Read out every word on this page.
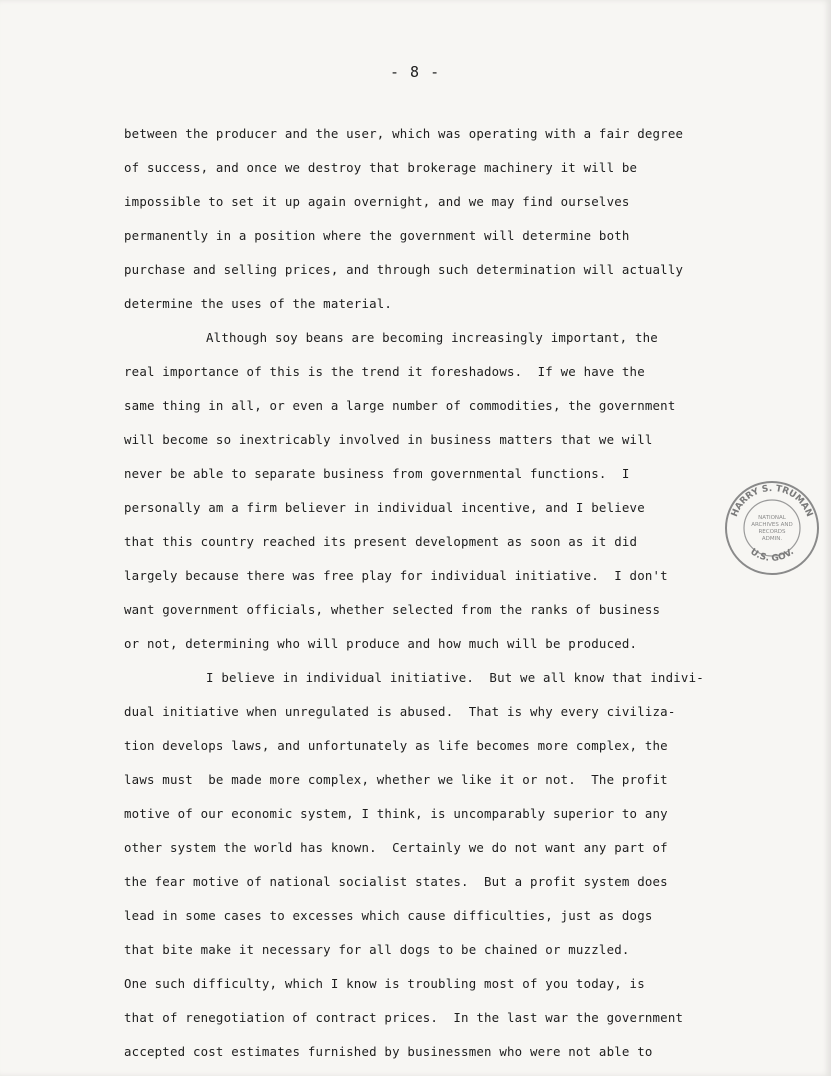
- 8 -
between the producer and the user, which was operating with a fair degree
of success, and once we destroy that brokerage machinery it will be
impossible to set it up again overnight, and we may find ourselves
permanently in a position where the government will determine both
purchase and selling prices, and through such determination will actually
determine the uses of the material.
Although soy beans are becoming increasingly important, the
real importance of this is the trend it foreshadows.  If we have the
same thing in all, or even a large number of commodities, the government
will become so inextricably involved in business matters that we will
never be able to separate business from governmental functions.  I
personally am a firm believer in individual incentive, and I believe
that this country reached its present development as soon as it did
largely because there was free play for individual initiative.  I don't
want government officials, whether selected from the ranks of business
or not, determining who will produce and how much will be produced.
I believe in individual initiative.  But we all know that indivi-
dual initiative when unregulated is abused.  That is why every civiliza-
tion develops laws, and unfortunately as life becomes more complex, the
laws must  be made more complex, whether we like it or not.  The profit
motive of our economic system, I think, is uncomparably superior to any
other system the world has known.  Certainly we do not want any part of
the fear motive of national socialist states.  But a profit system does
lead in some cases to excesses which cause difficulties, just as dogs
that bite make it necessary for all dogs to be chained or muzzled.
One such difficulty, which I know is troubling most of you today, is
that of renegotiation of contract prices.  In the last war the government
accepted cost estimates furnished by businessmen who were not able to
HARRY S. TRUMAN
U.S. GOV.
NATIONAL
ARCHIVES AND
RECORDS
ADMIN.
